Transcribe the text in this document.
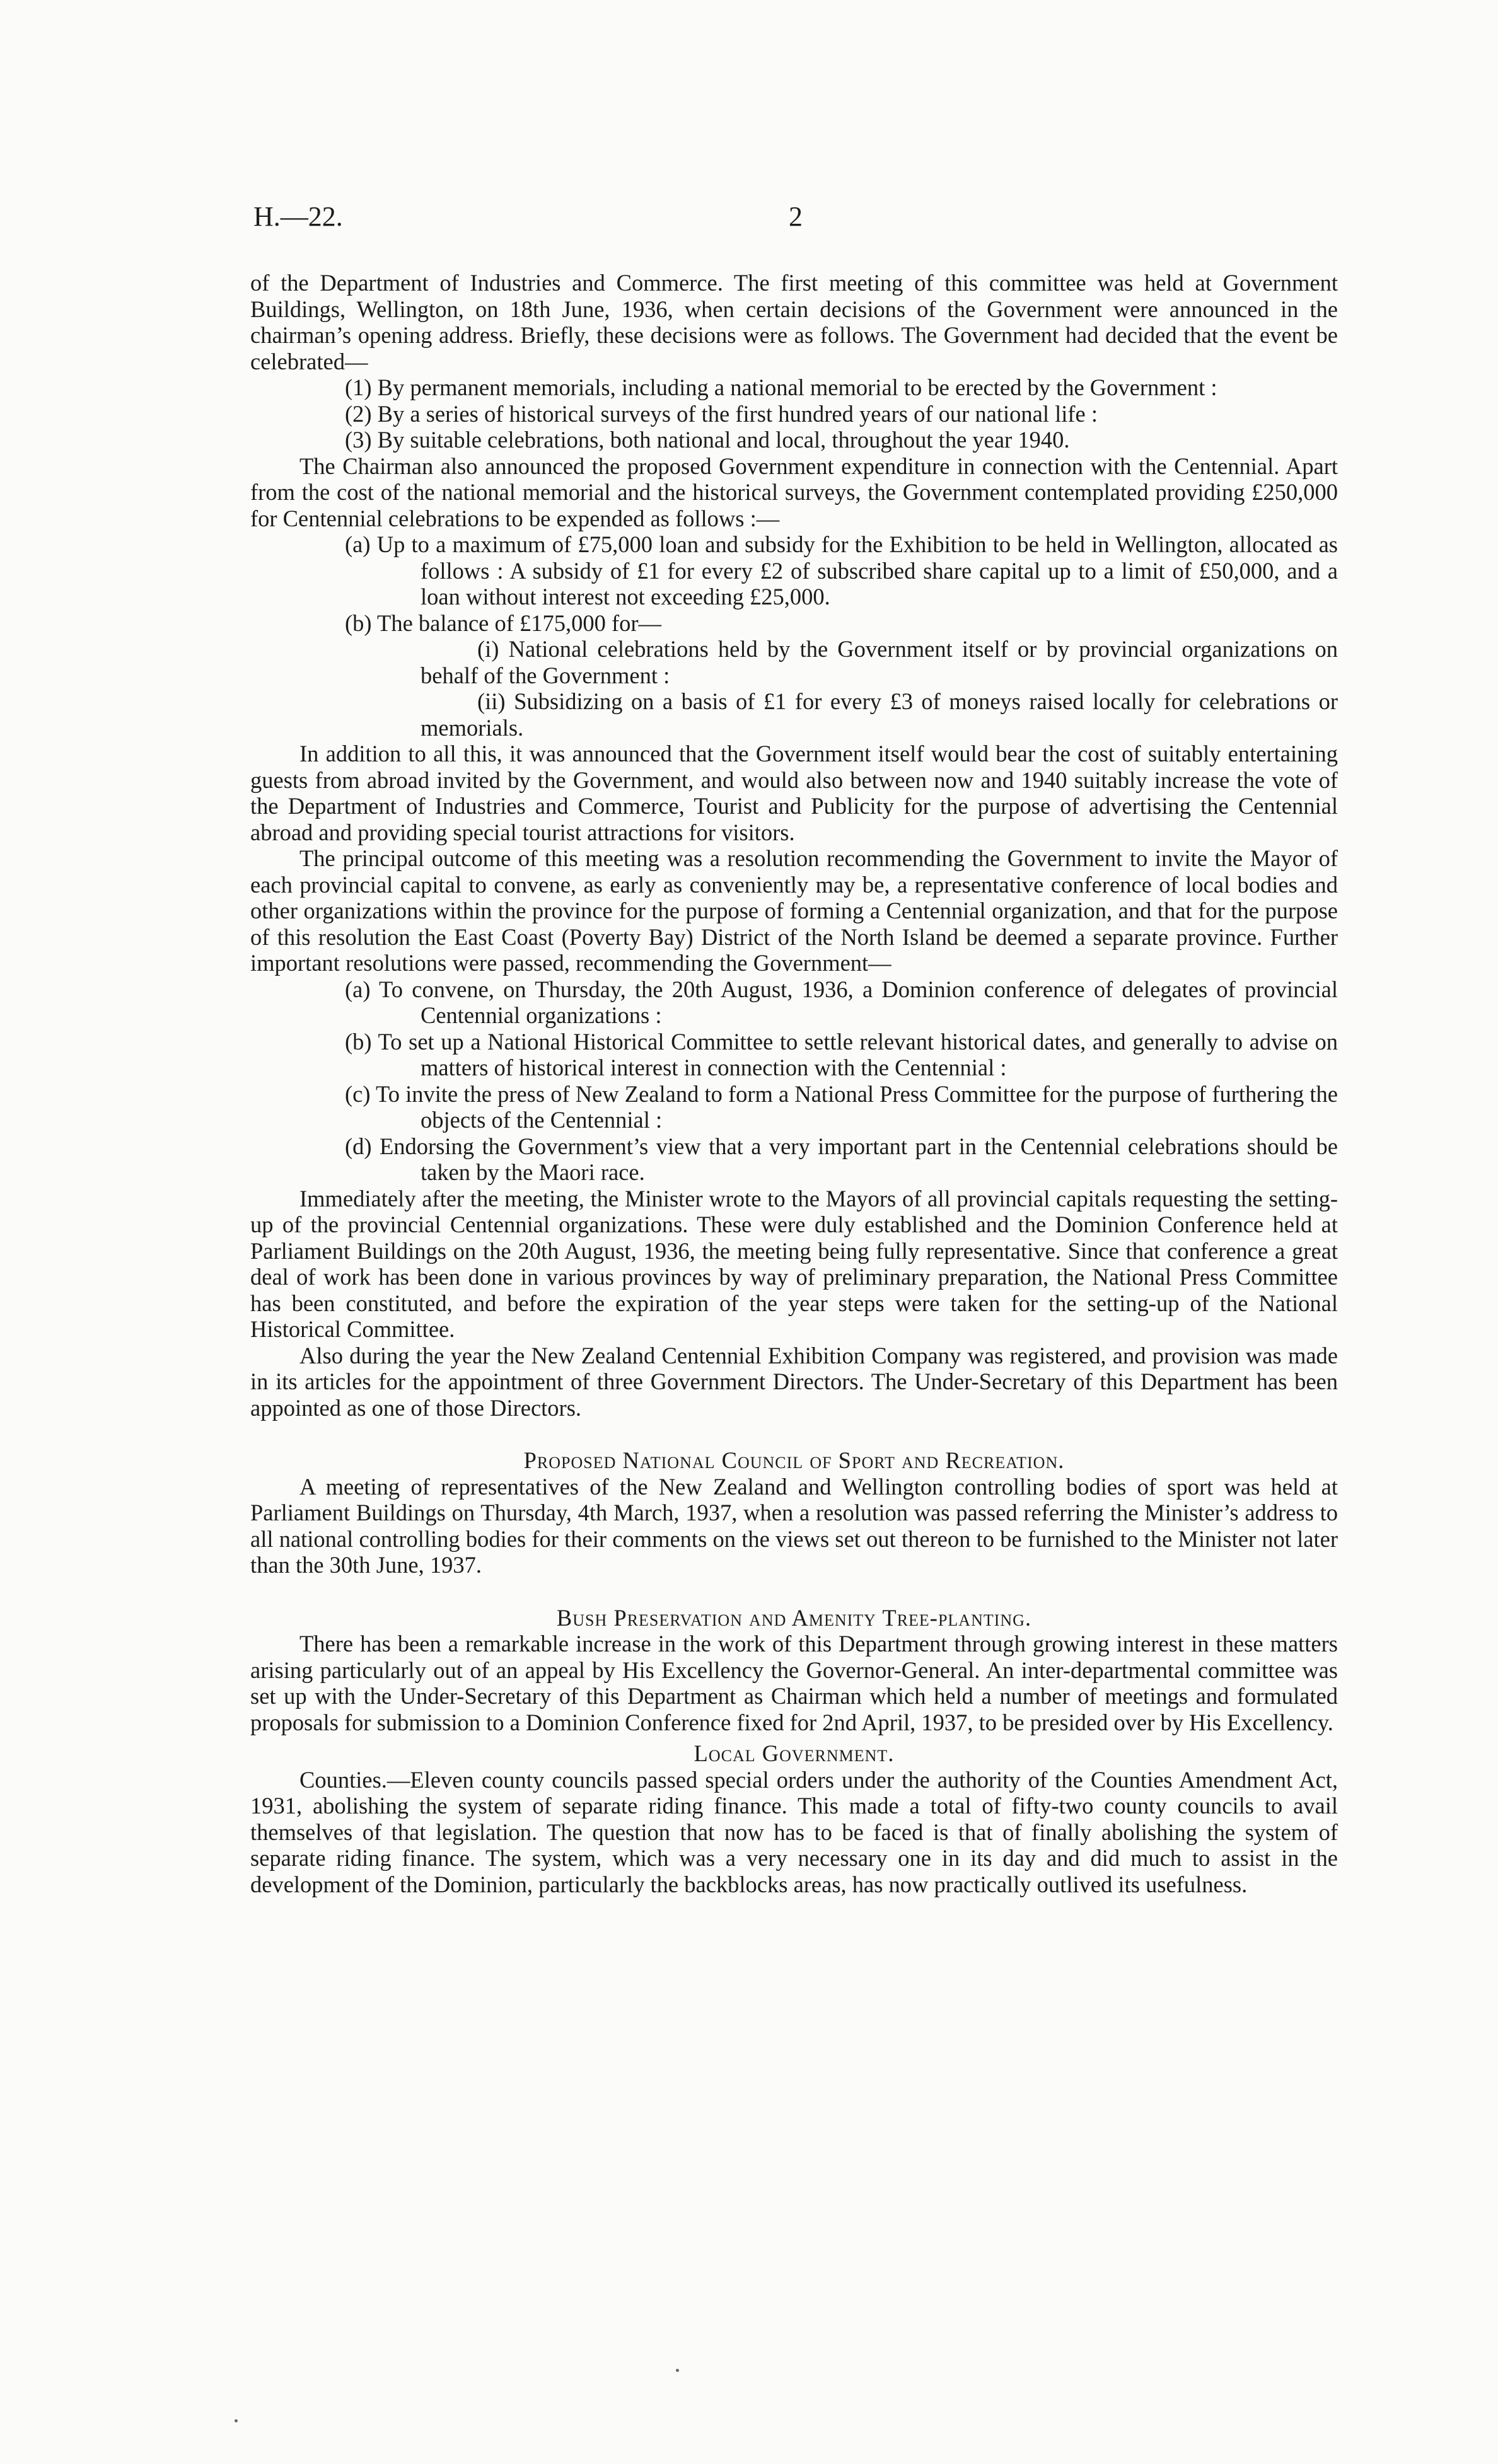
H.—22.	2

of the Department of Industries and Commerce. The first meeting of this committee was held at Government Buildings, Wellington, on 18th June, 1936, when certain decisions of the Government were announced in the chairman’s opening address. Briefly, these decisions were as follows. The Government had decided that the event be celebrated—

(1) By permanent memorials, including a national memorial to be erected by the Government :

(2) By a series of historical surveys of the first hundred years of our national life :

(3) By suitable celebrations, both national and local, throughout the year 1940.

The Chairman also announced the proposed Government expenditure in connection with the Centennial. Apart from the cost of the national memorial and the historical surveys, the Government contemplated providing £250,000 for Centennial celebrations to be expended as follows :—

(a) Up to a maximum of £75,000 loan and subsidy for the Exhibition to be held in Wellington, allocated as follows : A subsidy of £1 for every £2 of subscribed share capital up to a limit of £50,000, and a loan without interest not exceeding £25,000.

(b) The balance of £175,000 for—

(i) National celebrations held by the Government itself or by provincial organizations on behalf of the Government :

(ii) Subsidizing on a basis of £1 for every £3 of moneys raised locally for celebrations or memorials.

In addition to all this, it was announced that the Government itself would bear the cost of suitably entertaining guests from abroad invited by the Government, and would also between now and 1940 suitably increase the vote of the Department of Industries and Commerce, Tourist and Publicity for the purpose of advertising the Centennial abroad and providing special tourist attractions for visitors.

The principal outcome of this meeting was a resolution recommending the Government to invite the Mayor of each provincial capital to convene, as early as conveniently may be, a representative conference of local bodies and other organizations within the province for the purpose of forming a Centennial organization, and that for the purpose of this resolution the East Coast (Poverty Bay) District of the North Island be deemed a separate province. Further important resolutions were passed, recommending the Government—

(a) To convene, on Thursday, the 20th August, 1936, a Dominion conference of delegates of provincial Centennial organizations :

(b) To set up a National Historical Committee to settle relevant historical dates, and generally to advise on matters of historical interest in connection with the Centennial :

(c) To invite the press of New Zealand to form a National Press Committee for the purpose of furthering the objects of the Centennial :

(d) Endorsing the Government’s view that a very important part in the Centennial celebrations should be taken by the Maori race.

Immediately after the meeting, the Minister wrote to the Mayors of all provincial capitals requesting the setting-up of the provincial Centennial organizations. These were duly established and the Dominion Conference held at Parliament Buildings on the 20th August, 1936, the meeting being fully representative. Since that conference a great deal of work has been done in various provinces by way of preliminary preparation, the National Press Committee has been constituted, and before the expiration of the year steps were taken for the setting-up of the National Historical Committee.

Also during the year the New Zealand Centennial Exhibition Company was registered, and provision was made in its articles for the appointment of three Government Directors. The Under-Secretary of this Department has been appointed as one of those Directors.

Proposed National Council of Sport and Recreation.

A meeting of representatives of the New Zealand and Wellington controlling bodies of sport was held at Parliament Buildings on Thursday, 4th March, 1937, when a resolution was passed referring the Minister’s address to all national controlling bodies for their comments on the views set out thereon to be furnished to the Minister not later than the 30th June, 1937.

Bush Preservation and Amenity Tree-planting.

There has been a remarkable increase in the work of this Department through growing interest in these matters arising particularly out of an appeal by His Excellency the Governor-General. An inter-departmental committee was set up with the Under-Secretary of this Department as Chairman which held a number of meetings and formulated proposals for submission to a Dominion Conference fixed for 2nd April, 1937, to be presided over by His Excellency.

Local Government.

Counties.—Eleven county councils passed special orders under the authority of the Counties Amendment Act, 1931, abolishing the system of separate riding finance. This made a total of fifty-two county councils to avail themselves of that legislation. The question that now has to be faced is that of finally abolishing the system of separate riding finance. The system, which was a very necessary one in its day and did much to assist in the development of the Dominion, particularly the backblocks areas, has now practically outlived its usefulness.
